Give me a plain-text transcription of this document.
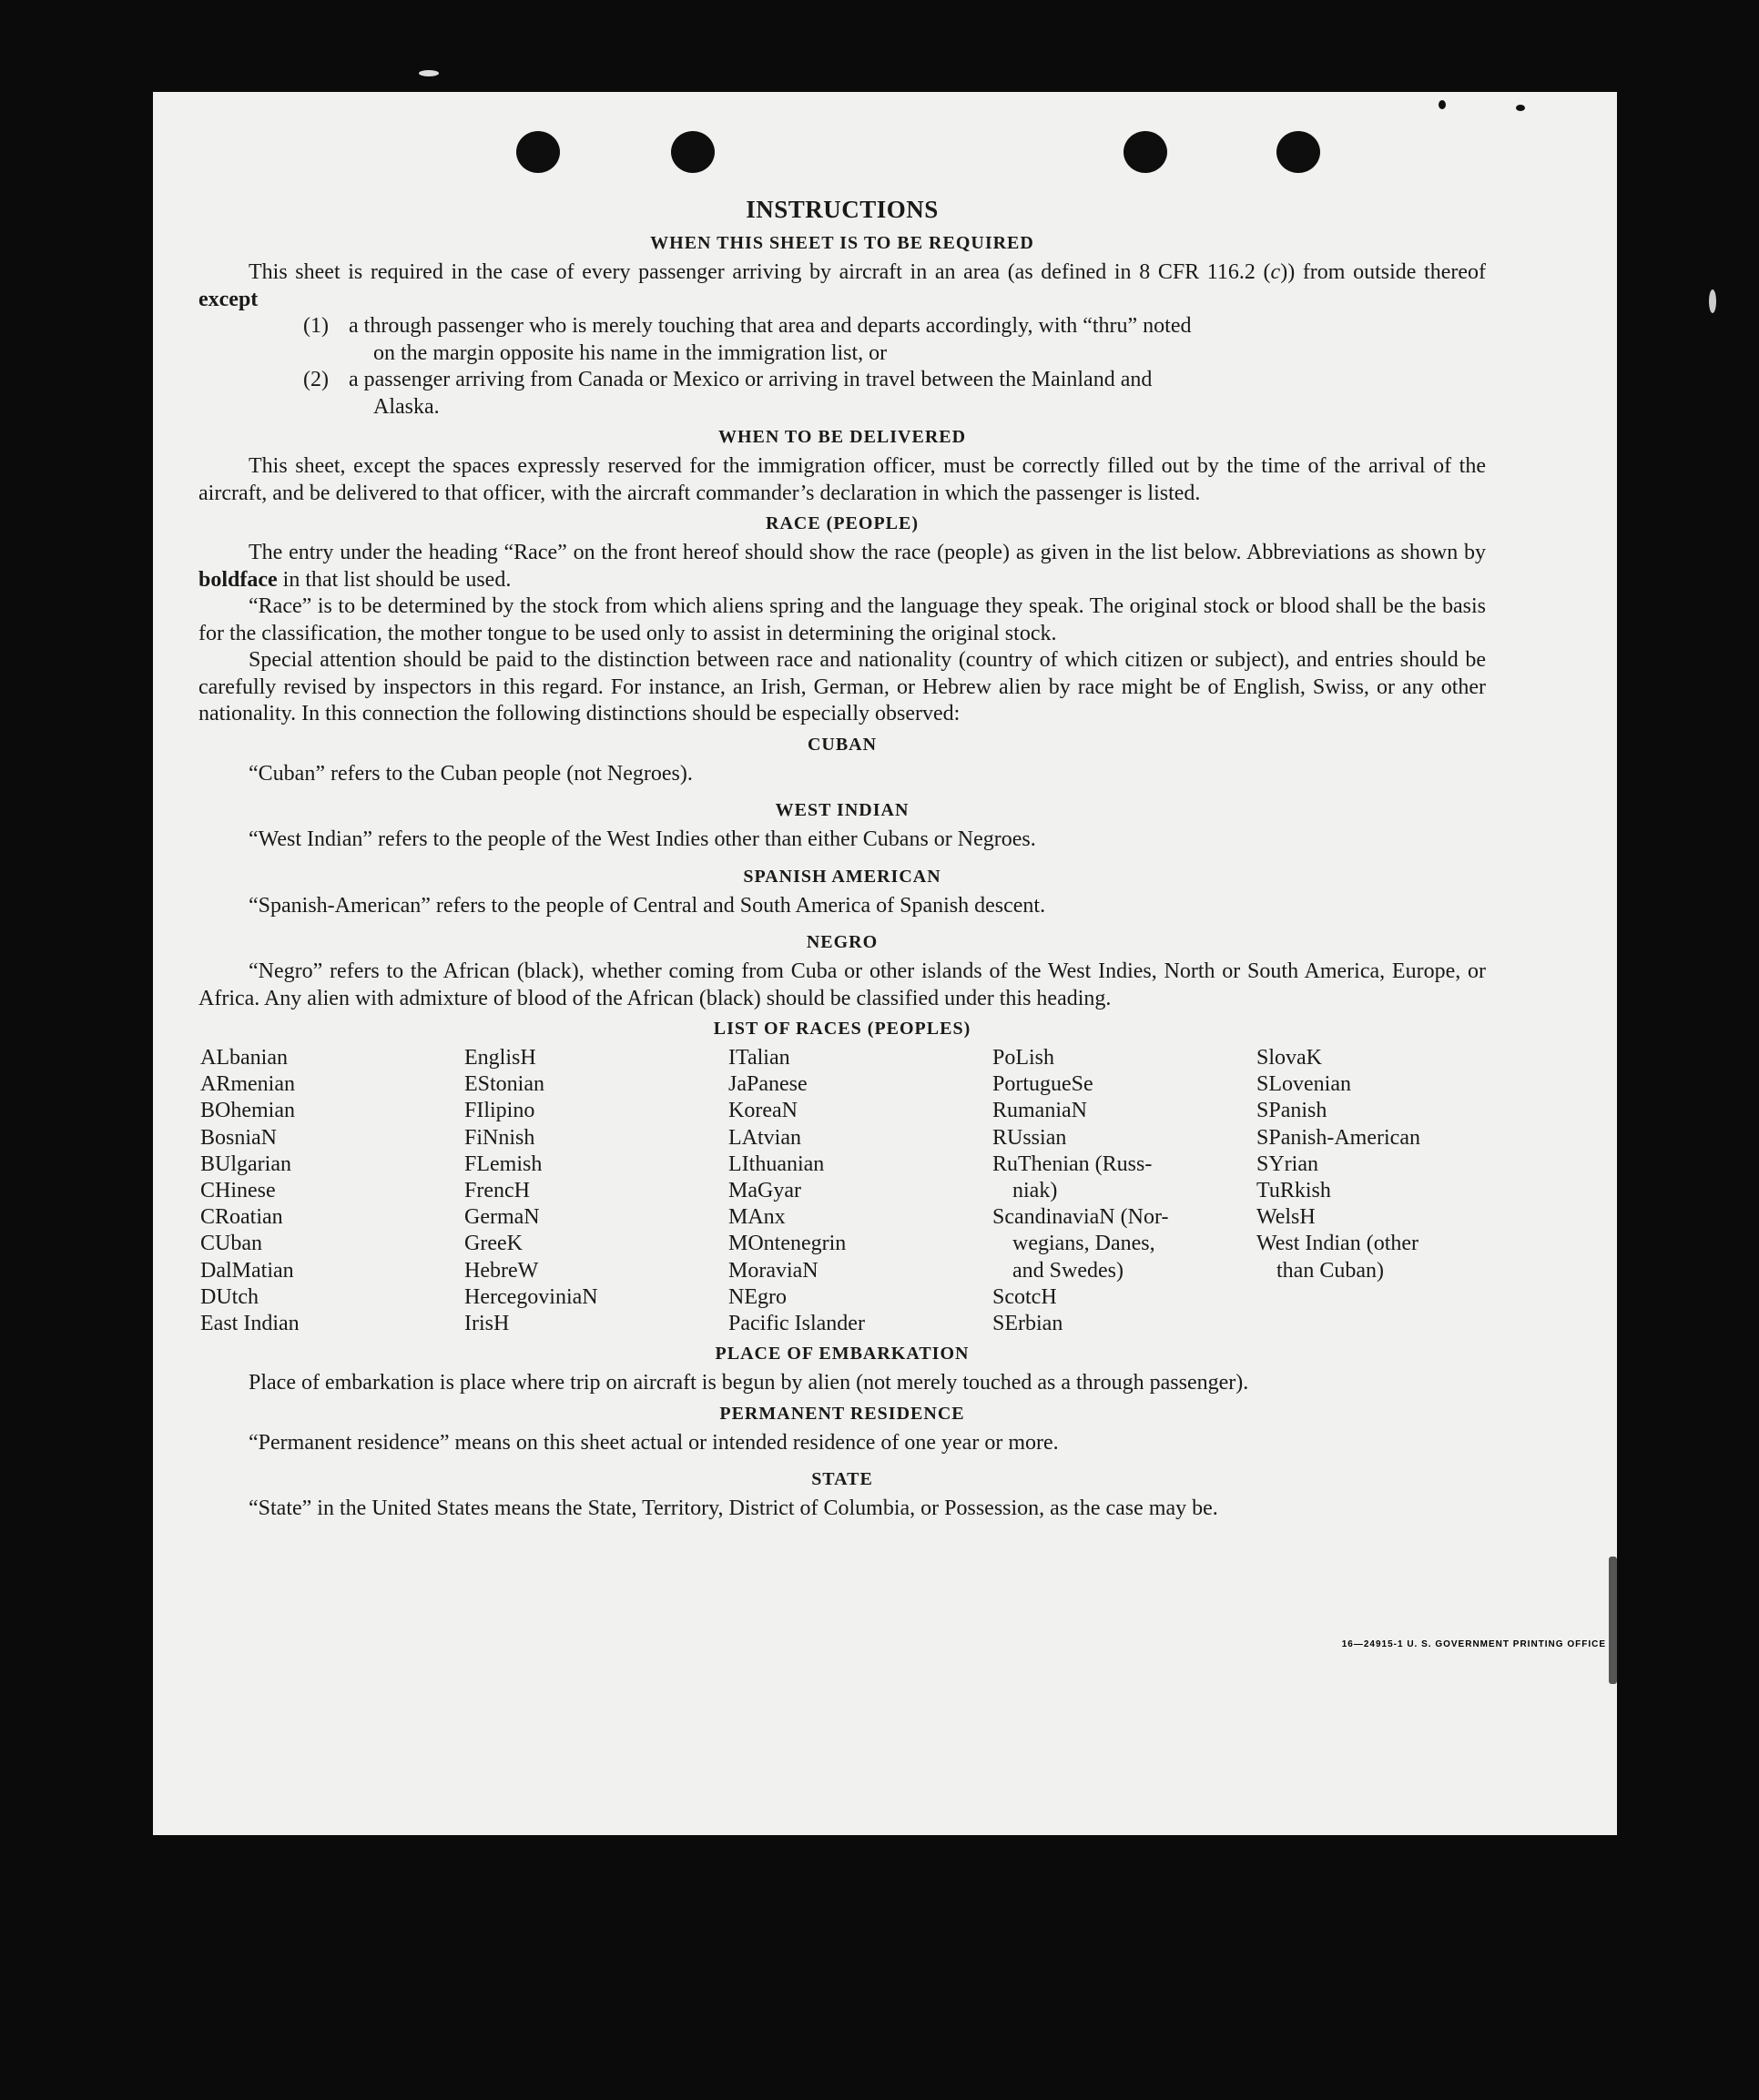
INSTRUCTIONS
WHEN THIS SHEET IS TO BE REQUIRED

This sheet is required in the case of every passenger arriving by aircraft in an area (as defined in 8 CFR 116.2 (c)) from outside thereof except

(1) a through passenger who is merely touching that area and departs accordingly, with “thru” noted
on the margin opposite his name in the immigration list, or
(2) a passenger arriving from Canada or Mexico or arriving in travel between the Mainland and
Alaska.
WHEN TO BE DELIVERED

This sheet, except the spaces expressly reserved for the immigration officer, must be correctly filled out by the time of the arrival of the aircraft, and be delivered to that officer, with the aircraft commander’s declaration in which the passenger is listed.

RACE (PEOPLE)

The entry under the heading “Race” on the front hereof should show the race (people) as given in the list below. Abbreviations as shown by boldface in that list should be used.

“Race” is to be determined by the stock from which aliens spring and the language they speak. The original stock or blood shall be the basis for the classification, the mother tongue to be used only to assist in determining the original stock.

Special attention should be paid to the distinction between race and nationality (country of which citizen or subject), and entries should be carefully revised by inspectors in this regard. For instance, an Irish, German, or Hebrew alien by race might be of English, Swiss, or any other nationality. In this connection the following distinctions should be especially observed:

CUBAN

“Cuban” refers to the Cuban people (not Negroes).

WEST INDIAN

“West Indian” refers to the people of the West Indies other than either Cubans or Negroes.

SPANISH AMERICAN

“Spanish-American” refers to the people of Central and South America of Spanish descent.

NEGRO

“Negro” refers to the African (black), whether coming from Cuba or other islands of the West Indies, North or South America, Europe, or Africa. Any alien with admixture of blood of the African (black) should be classified under this heading.

LIST OF RACES (PEOPLES)
ALbanian
ARmenian
BOhemian
BosniaN
BUlgarian
CHinese
CRoatian
CUban
DalMatian
DUtch
East Indian
EnglisH
EStonian
FIlipino
FiNnish
FLemish
FrencH
GermaN
GreeK
HebreW
HercegoviniaN
IrisH
ITalian
JaPanese
KoreaN
LAtvian
LIthuanian
MaGyar
MAnx
MOntenegrin
MoraviaN
NEgro
Pacific Islander
PoLish
PortugueSe
RumaniaN
RUssian
RuThenian (Russ-
niak)
ScandinaviaN (Nor-
wegians, Danes,
and Swedes)
ScotcH
SErbian
SlovaK
SLovenian
SPanish
SPanish-American
SYrian
TuRkish
WelsH
West Indian (other
than Cuban)
PLACE OF EMBARKATION

Place of embarkation is place where trip on aircraft is begun by alien (not merely touched as a through passenger).

PERMANENT RESIDENCE

“Permanent residence” means on this sheet actual or intended residence of one year or more.

STATE

“State” in the United States means the State, Territory, District of Columbia, or Possession, as the case may be.

16—24915-1 U. S. GOVERNMENT PRINTING OFFICE
